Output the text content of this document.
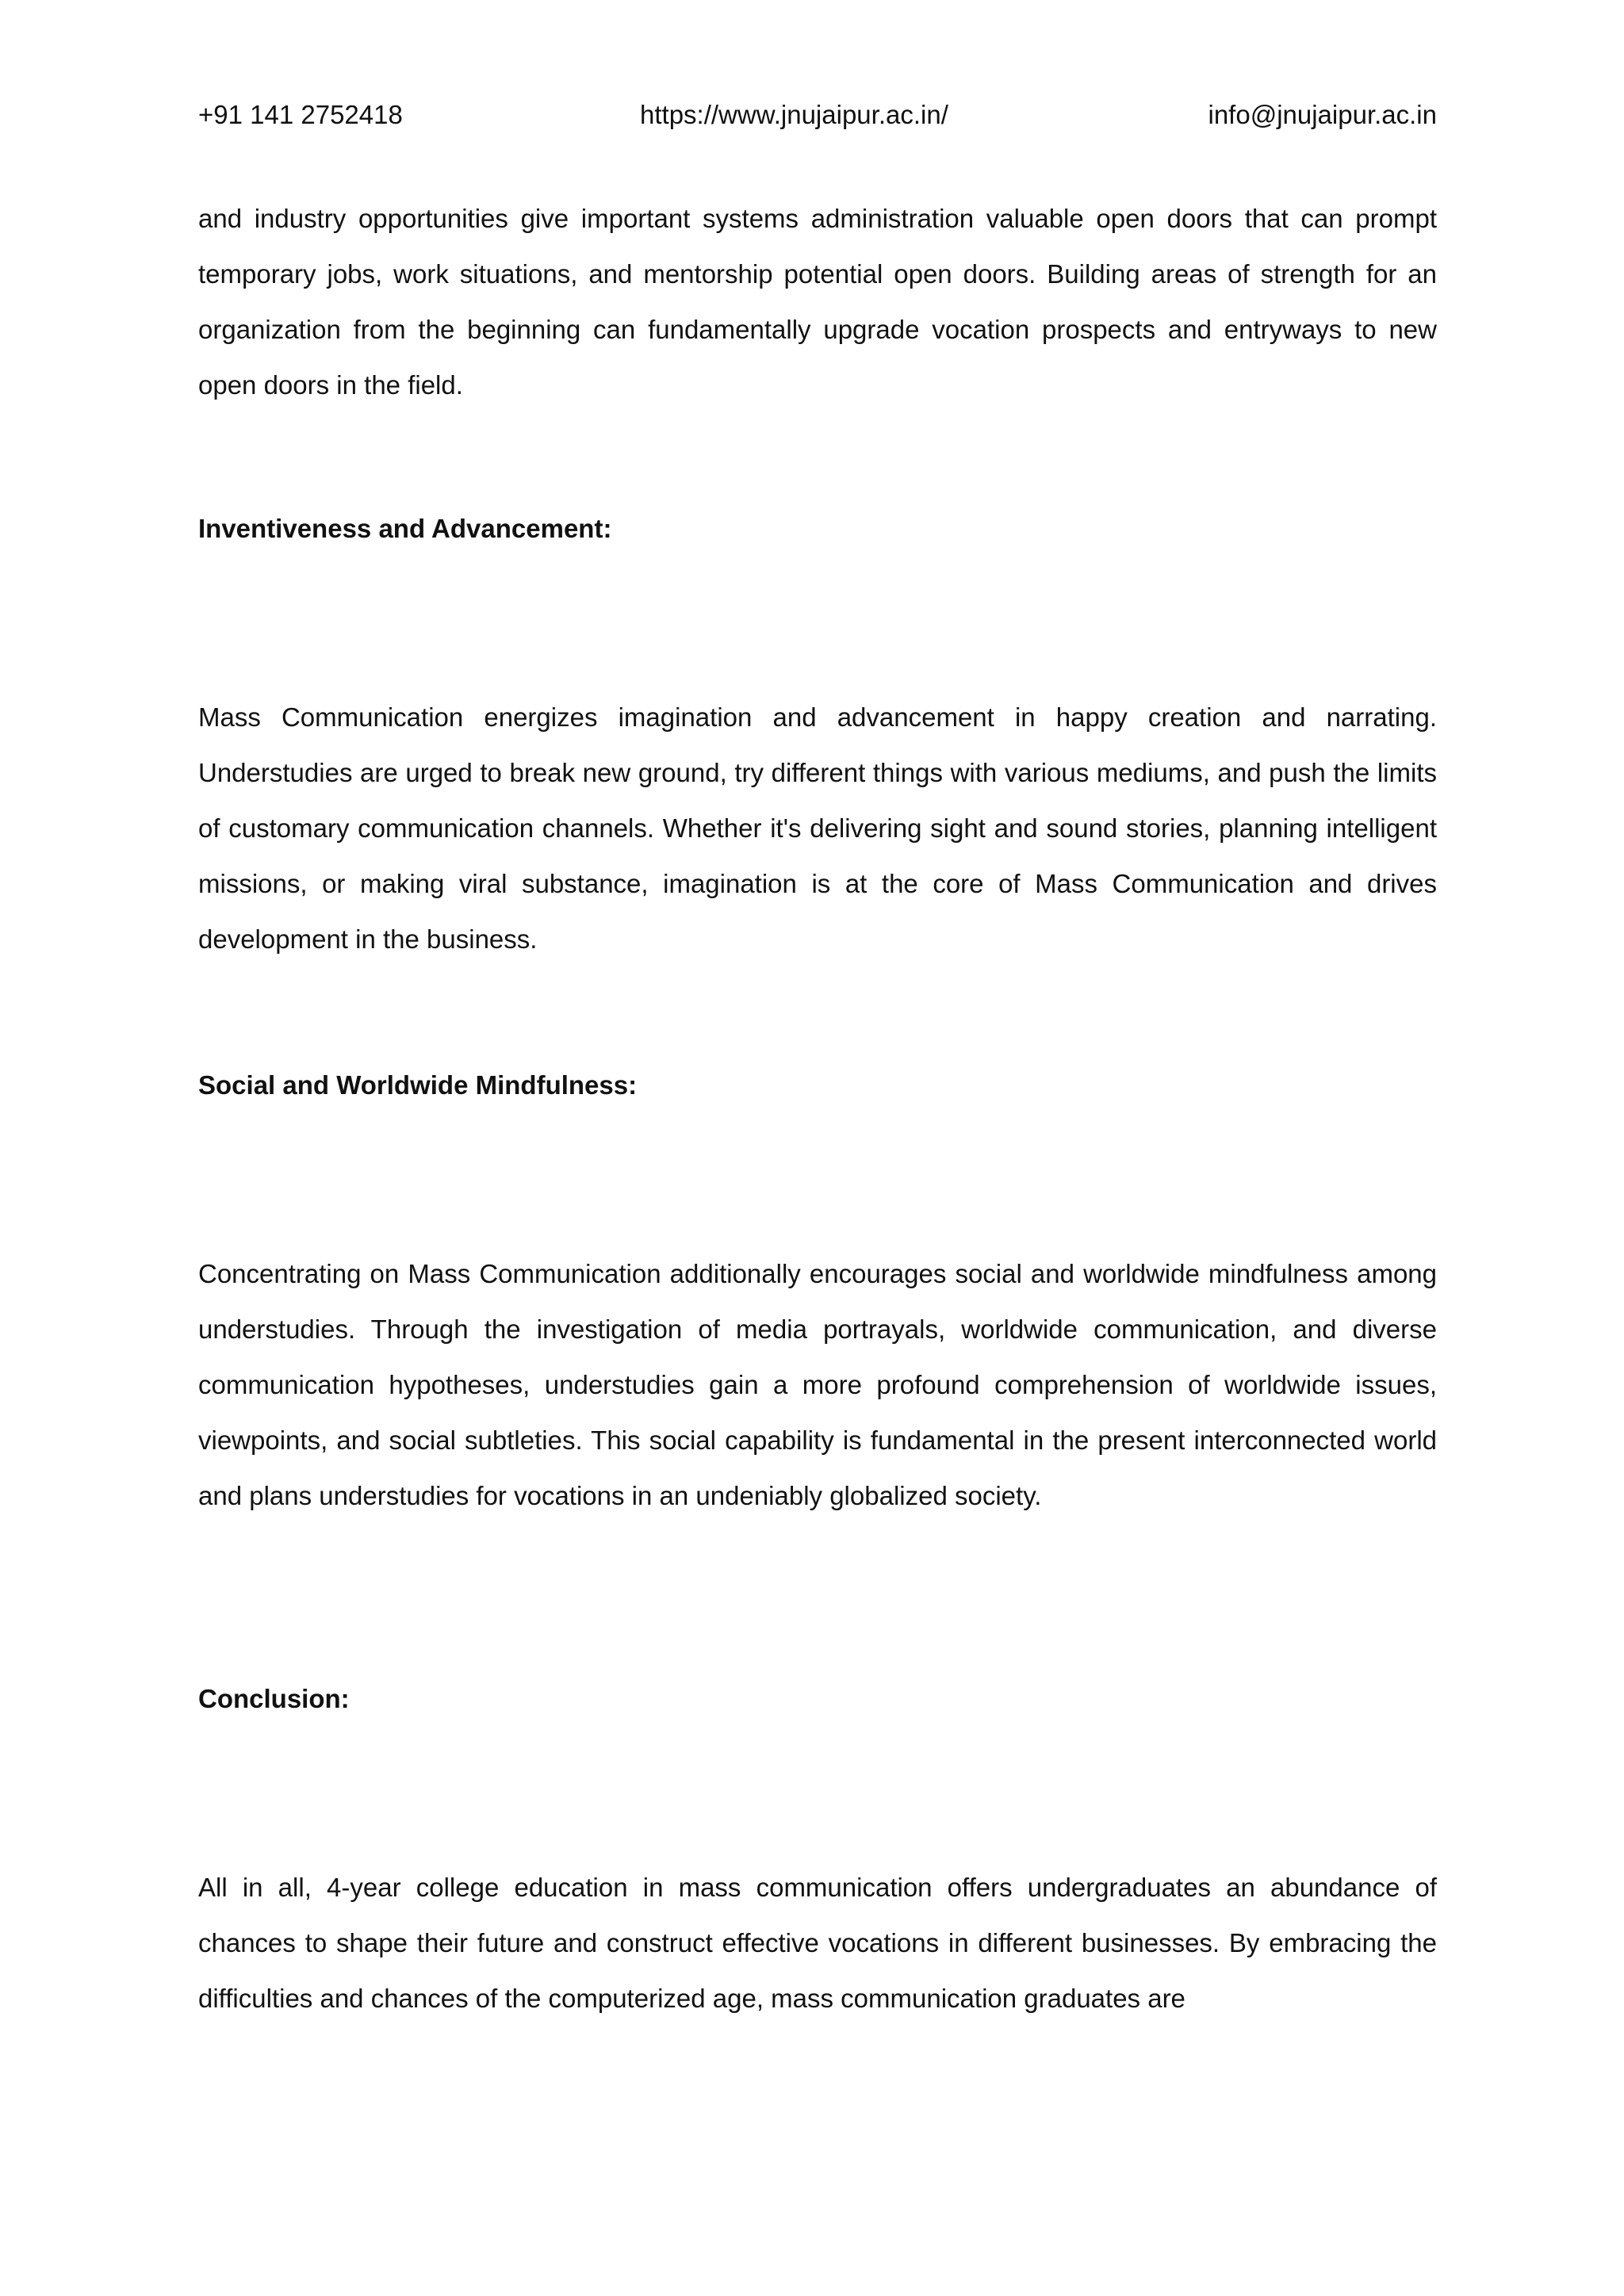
+91 141 2752418	https://www.jnujaipur.ac.in/	info@jnujaipur.ac.in

and industry opportunities give important systems administration valuable open doors that can prompt temporary jobs, work situations, and mentorship potential open doors. Building areas of strength for an organization from the beginning can fundamentally upgrade vocation prospects and entryways to new open doors in the field.

Inventiveness and Advancement:

Mass Communication energizes imagination and advancement in happy creation and narrating. Understudies are urged to break new ground, try different things with various mediums, and push the limits of customary communication channels. Whether it's delivering sight and sound stories, planning intelligent missions, or making viral substance, imagination is at the core of Mass Communication and drives development in the business.

Social and Worldwide Mindfulness:

Concentrating on Mass Communication additionally encourages social and worldwide mindfulness among understudies. Through the investigation of media portrayals, worldwide communication, and diverse communication hypotheses, understudies gain a more profound comprehension of worldwide issues, viewpoints, and social subtleties. This social capability is fundamental in the present interconnected world and plans understudies for vocations in an undeniably globalized society.

Conclusion:

All in all, 4-year college education in mass communication offers undergraduates an abundance of chances to shape their future and construct effective vocations in different businesses. By embracing the difficulties and chances of the computerized age, mass communication graduates are
